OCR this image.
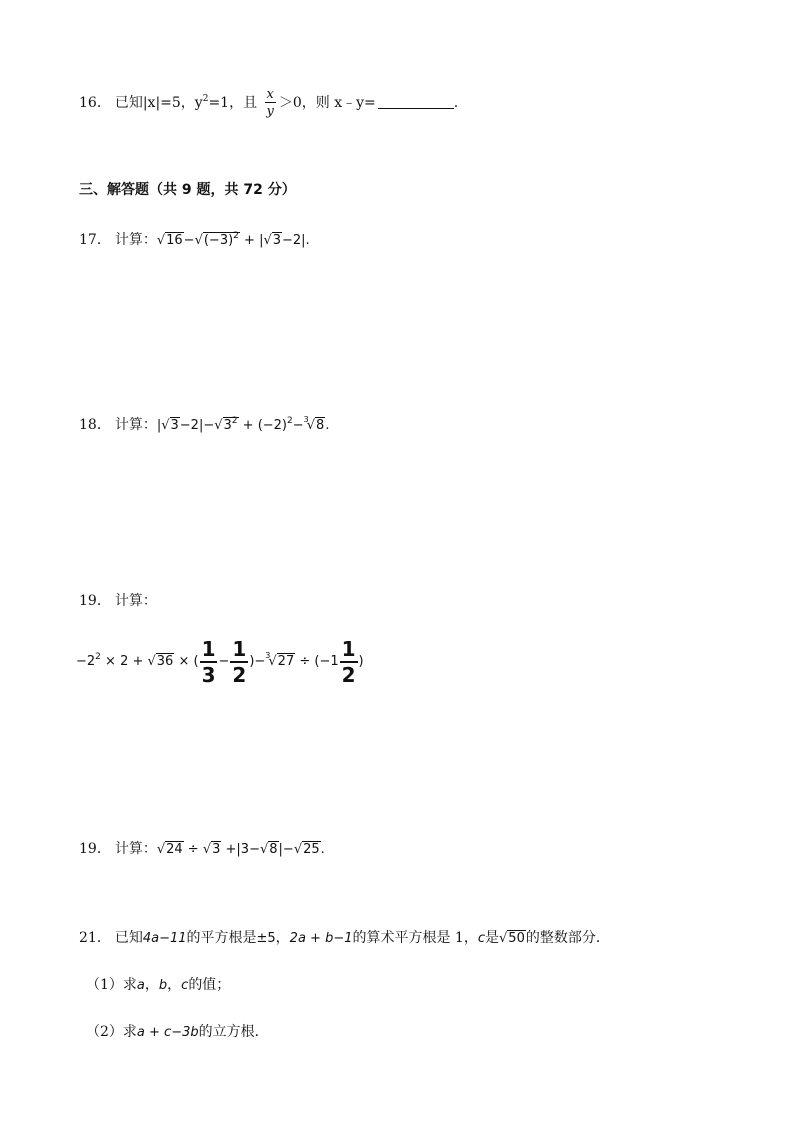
16． 已知|x|=5，$y^2=1$，且 $\frac{x}{y} >0$，则 x﹣y=	.
三、解答题（共 9 题，共 72 分）
17． 计算：$√16-√(-3)^2 + |√3-2|$.
18． 计算：$|√3-2|-√3^2 + (-2)^2-^3√8$.
19． 计算：
$-2^2 \times 2 + √36$ × ( $\frac{1}{3} - \frac{1}{2} )-^3√27 \div (-1 \frac{1}{2}$ )
19． 计算：√24 ÷ √3 +|3−√8|−√25.
21． 已知4a−11的平方根是±5，2a + b−1的算术平方根是 1，c是√50的整数部分．
（1）求a，b，c的值；
（2）求a + c−3b的立方根．
